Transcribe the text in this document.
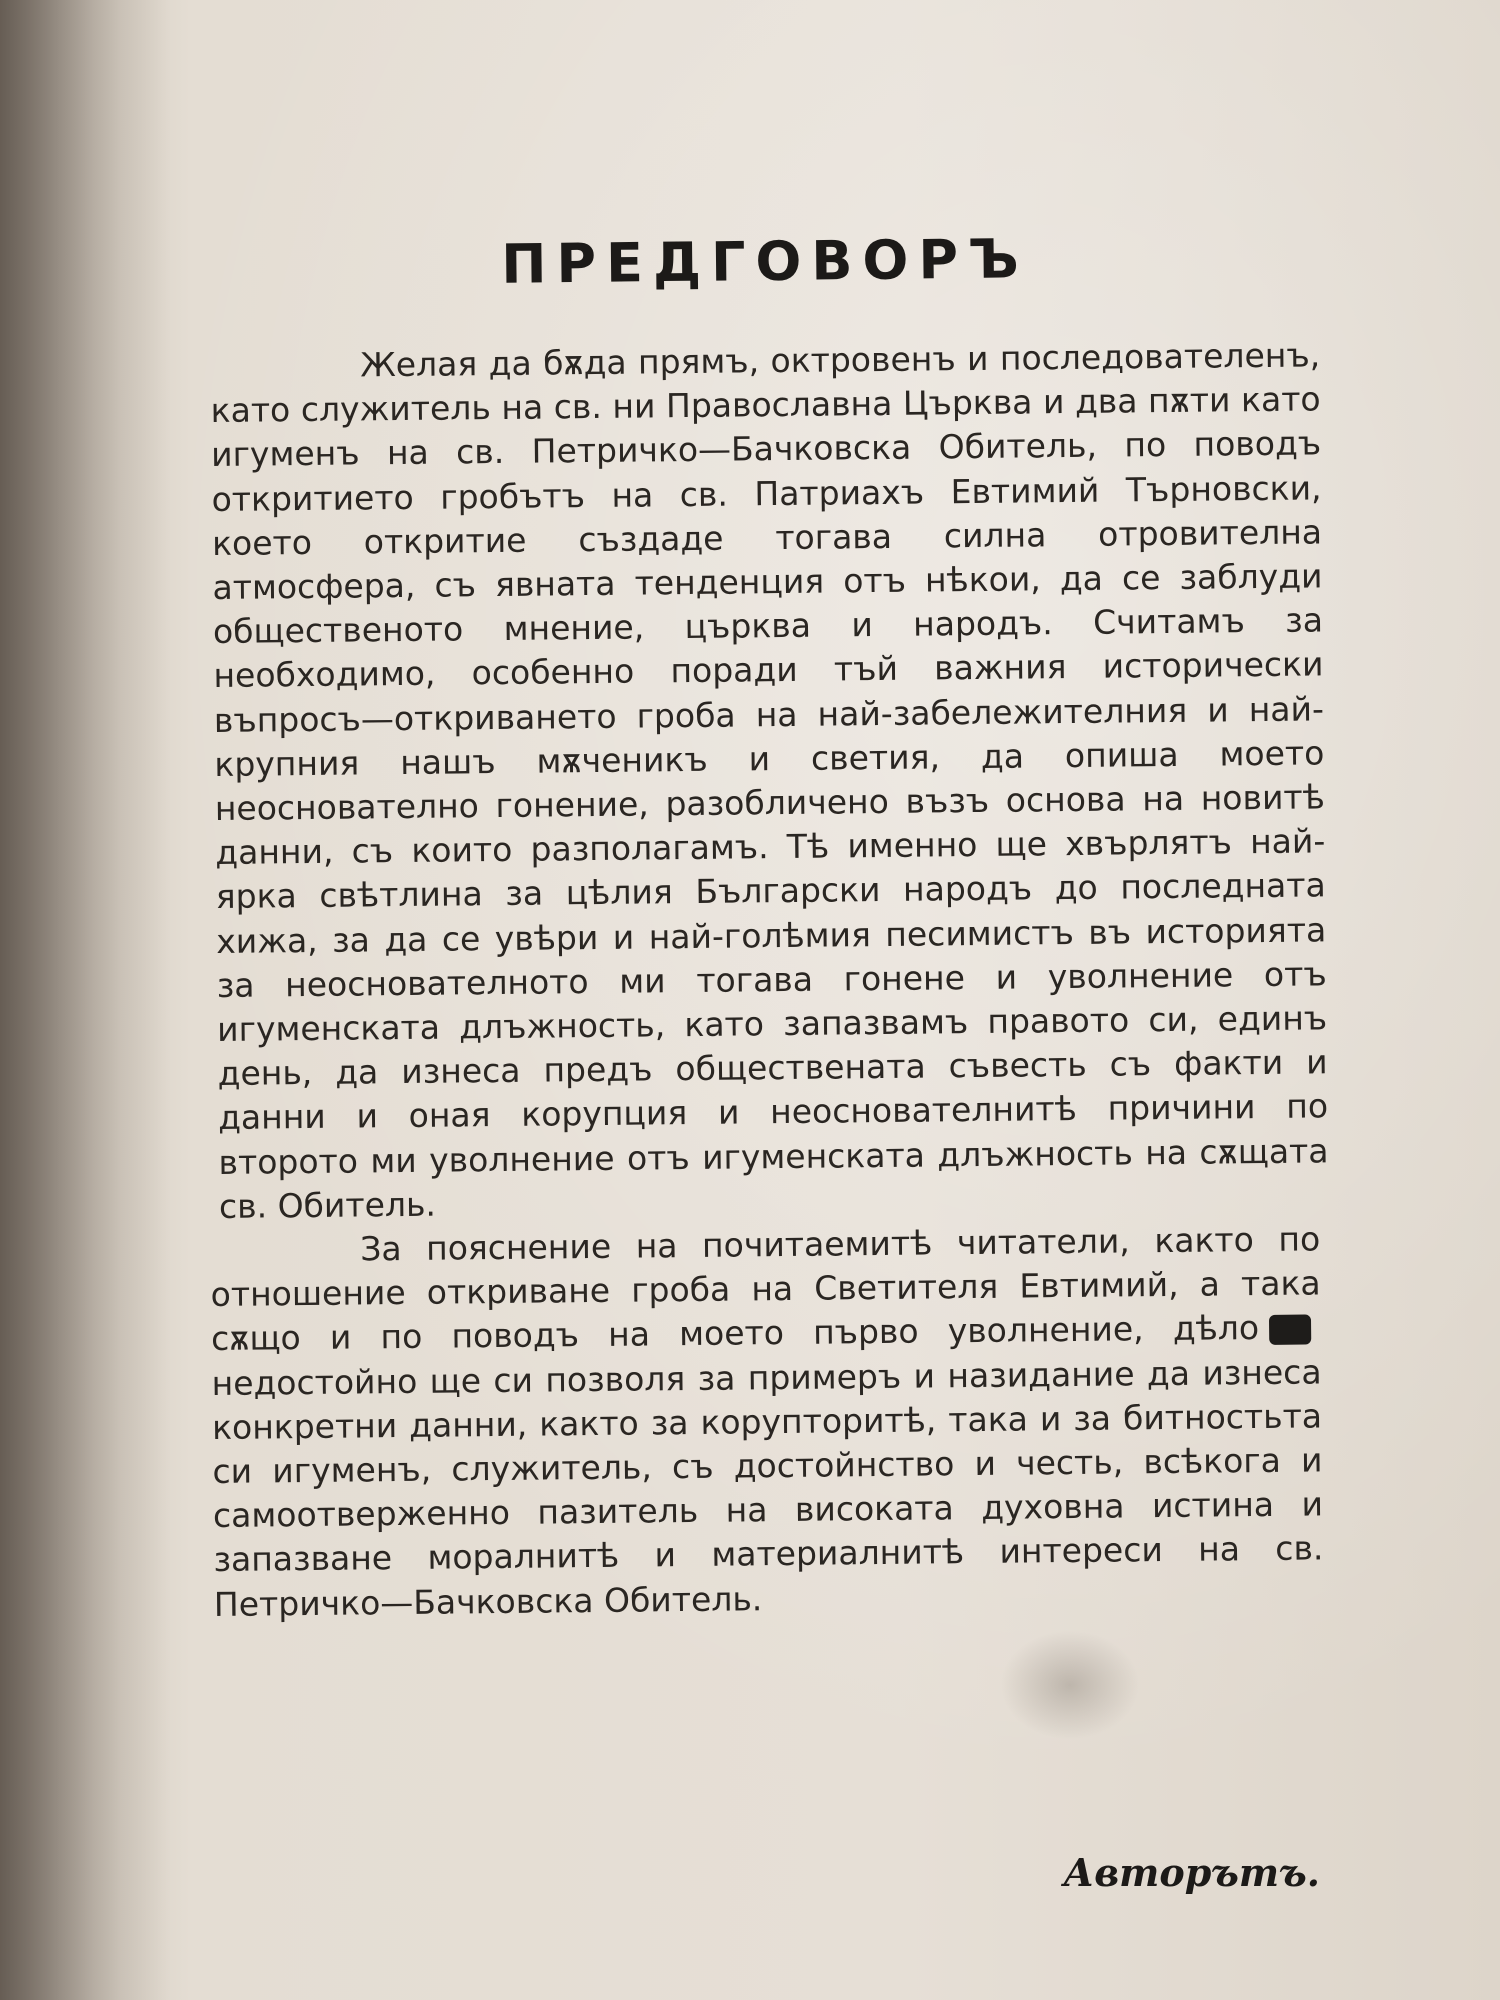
ПРЕДГОВОРЪ

Желая да бѫда прямъ, октровенъ и последователенъ, като служитель на св. ни Православна Църква и два пѫти като игуменъ на св. Петричко—Бачковска Обитель, по поводъ откритието гробътъ на св. Патриахъ Евтимий Търновски, което откритие създаде тогава силна отровителна атмосфера, съ явната тенденция отъ нѣкои, да се заблуди общественото мнение, църква и народъ. Считамъ за необходимо, особенно поради тъй важния исторически въпросъ—откриването гроба на най-забележителния и най-крупния нашъ мѫченикъ и светия, да опиша моето неоснователно гонение, разобличено възъ основа на новитѣ данни, съ които разполагамъ. Тѣ именно ще хвърлятъ най-ярка свѣтлина за цѣлия Български народъ до последната хижа, за да се увѣри и най-голѣмия песимистъ въ историята за неоснователното ми тогава гонене и уволнение отъ игуменската длъжность, като запазвамъ правото си, единъ день, да изнеса предъ обществената съвесть съ факти и данни и оная корупция и неоснователнитѣ причини по второто ми уволнение отъ игуменската длъжность на сѫщата св. Обитель.

За пояснение на почитаемитѣ читатели, както по отношение откриване гроба на Светителя Евтимий, а така сѫщо и по поводъ на моето първо уволнение, дѣлонедостойно ще си позволя за примеръ и назидание да изнеса конкретни данни, както за корупторитѣ, така и за битностьта си игуменъ, служитель, съ достойнство и честь, всѣкога и самоотверженно пазитель на високата духовна истина и запазване моралнитѣ и материалнитѣ интереси на св. Петричко—Бачковска Обитель.

Авторътъ.
